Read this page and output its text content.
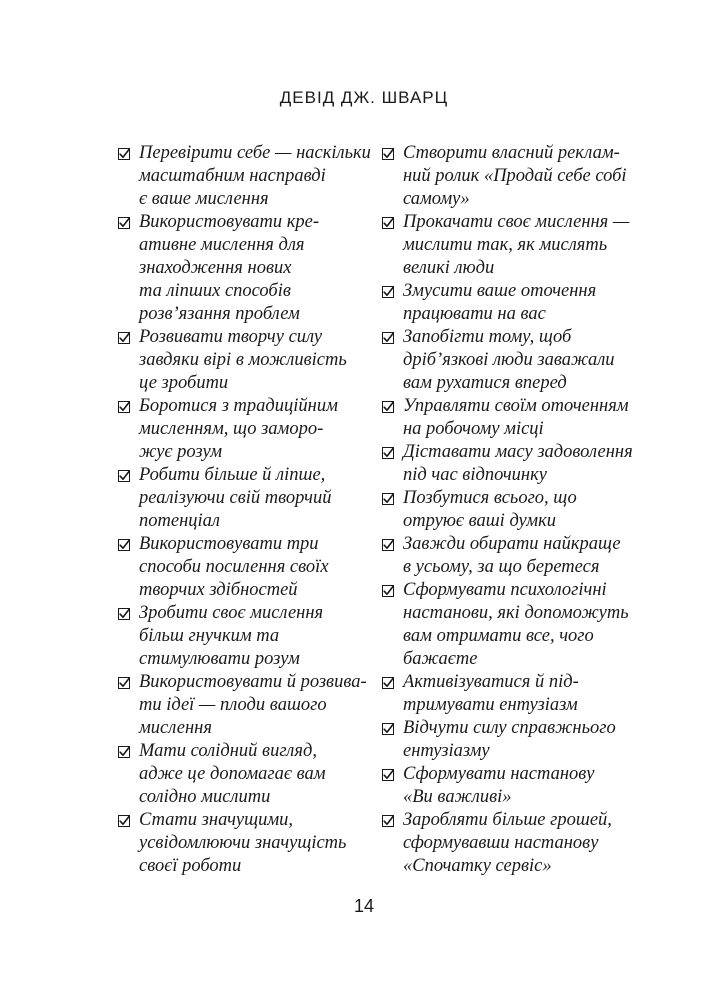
ДЕВІД ДЖ. ШВАРЦ
Перевірити себе — наскільки
масштабним насправді
є ваше мислення
Використовувати кре-
ативне мислення для
знаходження нових
та ліпших способів
розв’язання проблем
Розвивати творчу силу
завдяки вірі в можливість
це зробити
Боротися з традиційним
мисленням, що заморо-
жує розум
Робити більше й ліпше,
реалізуючи свій творчий
потенціал
Використовувати три
способи посилення своїх
творчих здібностей
Зробити своє мислення
більш гнучким та
стимулювати розум
Використовувати й розвива-
ти ідеї — плоди вашого
мислення
Мати солідний вигляд,
адже це допомагає вам
солідно мислити
Стати значущими,
усвідомлюючи значущість
своєї роботи
Створити власний реклам-
ний ролик «Продай себе собі
самому»
Прокачати своє мислення —
мислити так, як мислять
великі люди
Змусити ваше оточення
працювати на вас
Запобігти тому, щоб
дріб’язкові люди заважали
вам рухатися вперед
Управляти своїм оточенням
на робочому місці
Діставати масу задоволення
під час відпочинку
Позбутися всього, що
отруює ваші думки
Завжди обирати найкраще
в усьому, за що беретеся
Сформувати психологічні
настанови, які допоможуть
вам отримати все, чого
бажаєте
Активізуватися й під-
тримувати ентузіазм
Відчути силу справжнього
ентузіазму
Сформувати настанову
«Ви важливі»
Заробляти більше грошей,
сформувавши настанову
«Спочатку сервіс»
14
